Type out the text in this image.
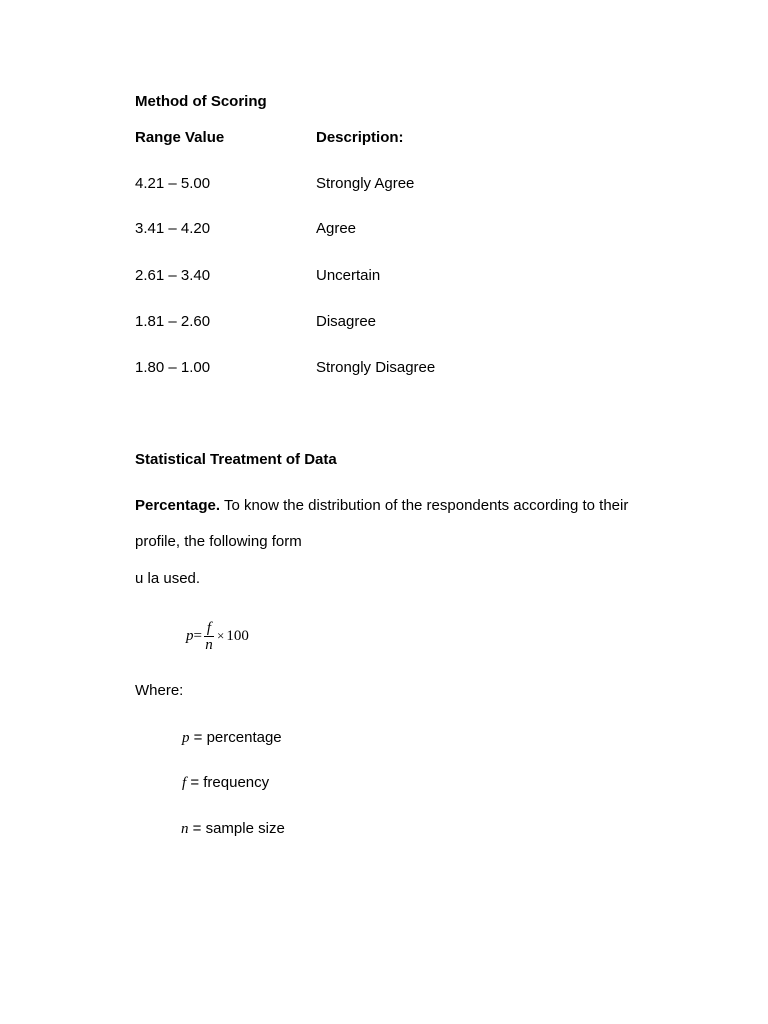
Method of Scoring
Range Value	Description:
4.21 – 5.00	Strongly Agree
3.41 – 4.20	Agree
2.61 – 3.40	Uncertain
1.81 – 2.60	Disagree
1.80 – 1.00	Strongly Disagree
Statistical Treatment of Data
Percentage. To know the distribution of the respondents according to their
profile, the following form
u la used.
$p = \frac{f}{n} \times 100$
Where:
p = percentage
f = frequency
n = sample size
